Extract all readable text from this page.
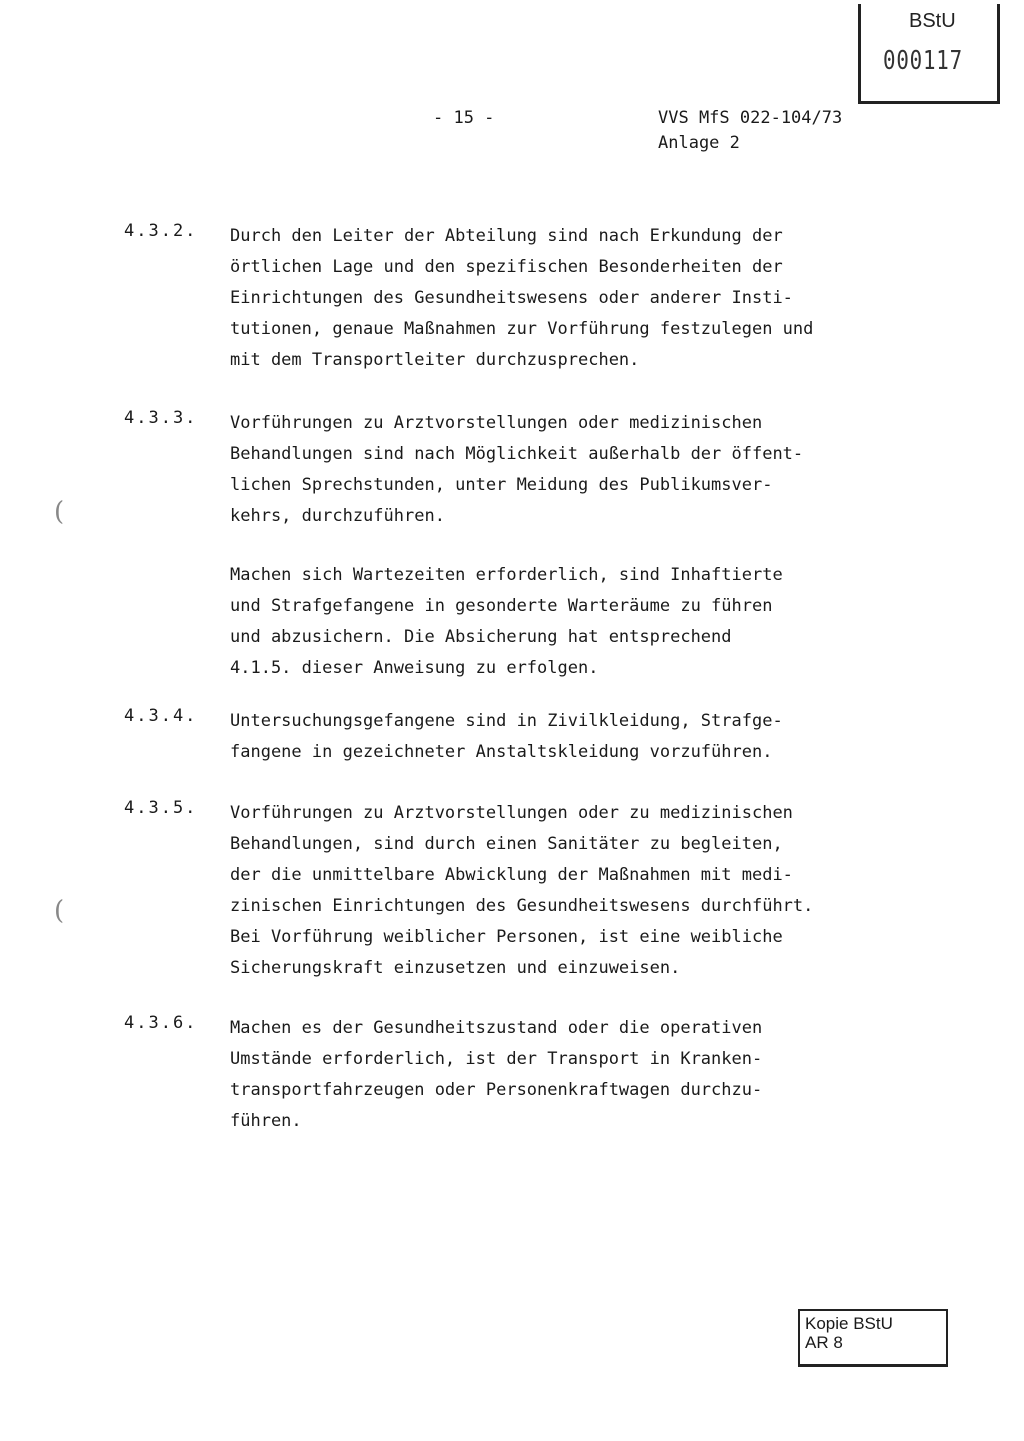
BStU
000117
- 15 -	VVS MfS 022-104/73
Anlage 2
4.3.2. Durch den Leiter der Abteilung sind nach Erkundung der

örtlichen Lage und den spezifischen Besonderheiten der

Einrichtungen des Gesundheitswesens oder anderer Insti-

tutionen, genaue Maßnahmen zur Vorführung festzulegen und

mit dem Transportleiter durchzusprechen.

4.3.3. Vorführungen zu Arztvorstellungen oder medizinischen

Behandlungen sind nach Möglichkeit außerhalb der öffent-

lichen Sprechstunden, unter Meidung des Publikumsver-

kehrs, durchzuführen.

Machen sich Wartezeiten erforderlich, sind Inhaftierte

und Strafgefangene in gesonderte Warteräume zu führen

und abzusichern. Die Absicherung hat entsprechend

4.1.5. dieser Anweisung zu erfolgen.

4.3.4. Untersuchungsgefangene sind in Zivilkleidung, Strafge-

fangene in gezeichneter Anstaltskleidung vorzuführen.

4.3.5. Vorführungen zu Arztvorstellungen oder zu medizinischen

Behandlungen, sind durch einen Sanitäter zu begleiten,

der die unmittelbare Abwicklung der Maßnahmen mit medi-

zinischen Einrichtungen des Gesundheitswesens durchführt.

Bei Vorführung weiblicher Personen, ist eine weibliche

Sicherungskraft einzusetzen und einzuweisen.

4.3.6. Machen es der Gesundheitszustand oder die operativen

Umstände erforderlich, ist der Transport in Kranken-

transportfahrzeugen oder Personenkraftwagen durchzu-

führen.

(
(
Kopie BStU
AR 8
